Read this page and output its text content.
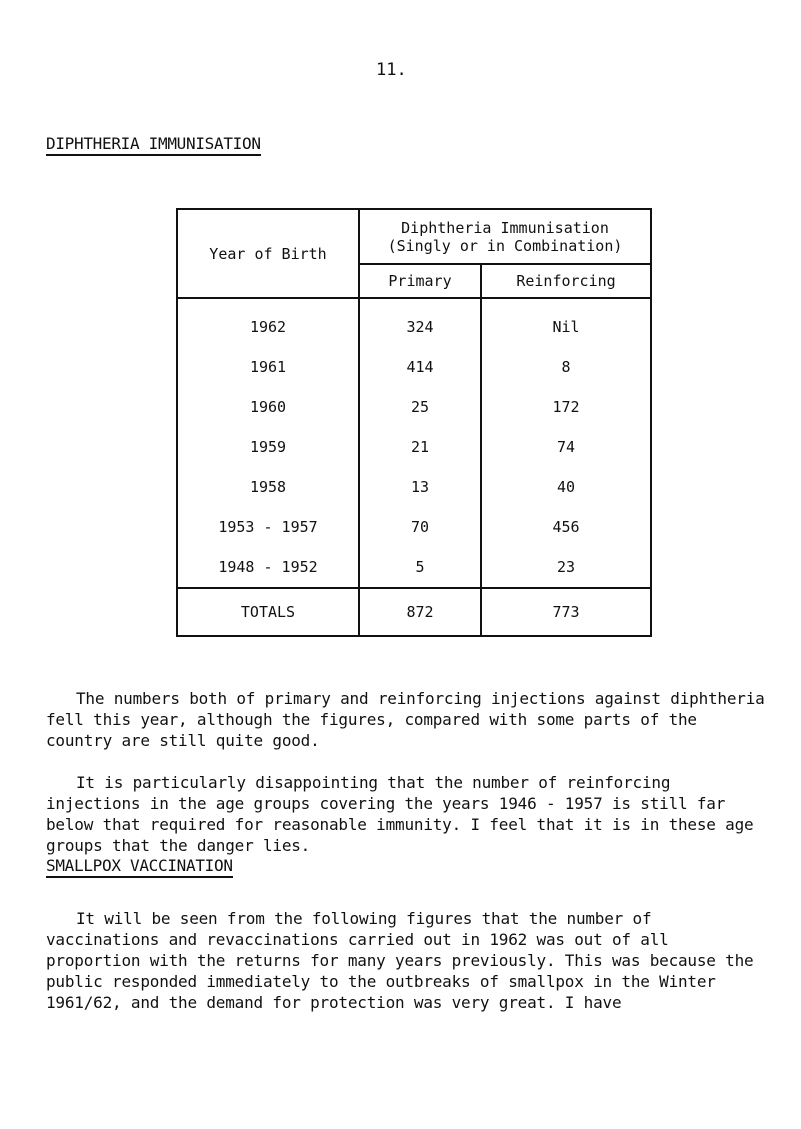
11.
DIPHTHERIA IMMUNISATION
Year of Birth	Diphtheria Immunisation
(Singly or in Combination)	

	Primary	Reinforcing
1962	324	Nil
1961	414	8
1960	25	172
1959	21	74
1958	13	40
1953 - 1957	70	456
1948 - 1952	5	23
TOTALS	872	773

The numbers both of primary and reinforcing injections against diphtheria fell this year, although the figures, compared with some parts of the country are still quite good.

It is particularly disappointing that the number of reinforcing injections in the age groups covering the years 1946 - 1957 is still far below that required for reasonable immunity. I feel that it is in these age groups that the danger lies.

SMALLPOX VACCINATION

It will be seen from the following figures that the number of vaccinations and revaccinations carried out in 1962 was out of all proportion with the returns for many years previously. This was because the public responded immediately to the outbreaks of smallpox in the Winter 1961/62, and the demand for protection was very great. I have
